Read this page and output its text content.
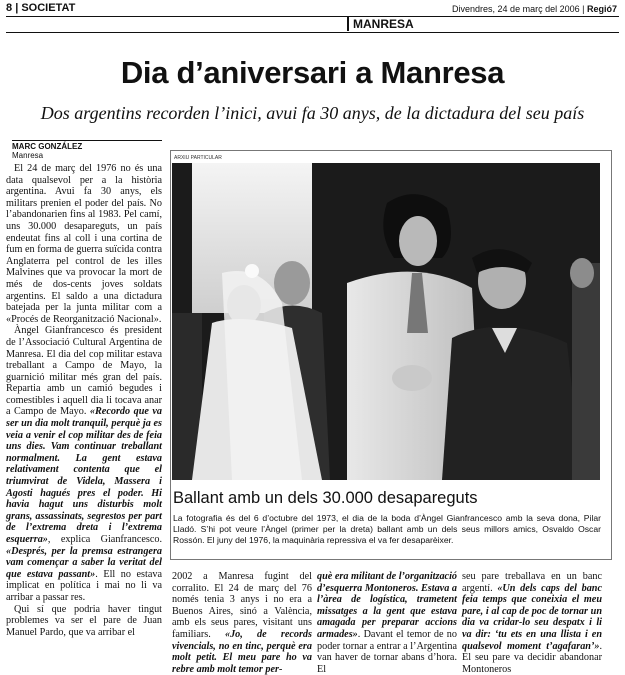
8 | SOCIETAT	Divendres, 24 de març del 2006 | Regió7
MANRESA
Dia d’aniversari a Manresa
Dos argentins recorden l’inici, avui fa 30 anys, de la dictadura del seu país
MARC GONZÁLEZ
Manresa

El 24 de març del 1976 no és una data qualsevol per a la història argentina. Avui fa 30 anys, els militars prenien el poder del país. No l’abandonarien fins al 1983. Pel camí, uns 30.000 desapareguts, un país endeutat fins al coll i una cortina de fum en forma de guerra suïcida contra Anglaterra pel control de les illes Malvines que va provocar la mort de més de dos-cents joves soldats argentins. El saldo a una dictadura batejada per la junta militar com a «Procés de Reorganització Nacional».

Àngel Gianfrancesco és president de l’Associació Cultural Argentina de Manresa. El dia del cop militar estava treballant a Campo de Mayo, la guarnició militar més gran del país. Repartia amb un camió begudes i comestibles i aquell dia li tocava anar a Campo de Mayo. «Recordo que va ser un dia molt tranquil, perquè ja es veia a venir el cop militar des de feia uns dies. Vam continuar treballant normalment. La gent estava relativament contenta que el triumvirat de Videla, Massera i Agosti hagués pres el poder. Hi havia hagut uns disturbis molt grans, assassinats, segrestos per part de l’extrema dreta i l’extrema esquerra», explica Gianfrancesco. «Després, per la premsa estrangera vam començar a saber la veritat del que estava passant». Ell no estava implicat en política i mai no li va arribar a passar res.

Qui sí que podria haver tingut problemes va ser el pare de Juan Manuel Pardo, que va arribar el

ARXIU PARTICULAR
Ballant amb un dels 30.000 desapareguts
La fotografia és del 6 d’octubre del 1973, el dia de la boda d’Àngel Gianfrancesco amb la seva dona, Pilar Lladó. S’hi pot veure l’Àngel (primer per la dreta) ballant amb un dels seus millors amics, Osvaldo Oscar Rossón. El juny del 1976, la maquinària repressiva el va fer desaparèixer.

2002 a Manresa fugint del corralito. El 24 de març del 76 només tenia 3 anys i no era a Buenos Aires, sinó a València, amb els seus pares, visitant uns familiars. «Jo, de records vivencials, no en tinc, perquè era molt petit. El meu pare ho va rebre amb molt temor per-

què era militant de l’organització d’esquerra Montoneros. Estava a l’àrea de logística, trametent missatges a la gent que estava amagada per preparar accions armades». Davant el temor de no poder tornar a entrar a l’Argentina van haver de tornar abans d’hora. El

seu pare treballava en un banc argentí. «Un dels caps del banc feia temps que coneixia el meu pare, i al cap de poc de tornar un dia va cridar-lo seu despatx i li va dir: ‘tu ets en una llista i en qualsevol moment t’agafaran’». El seu pare va decidir abandonar Montoneros
